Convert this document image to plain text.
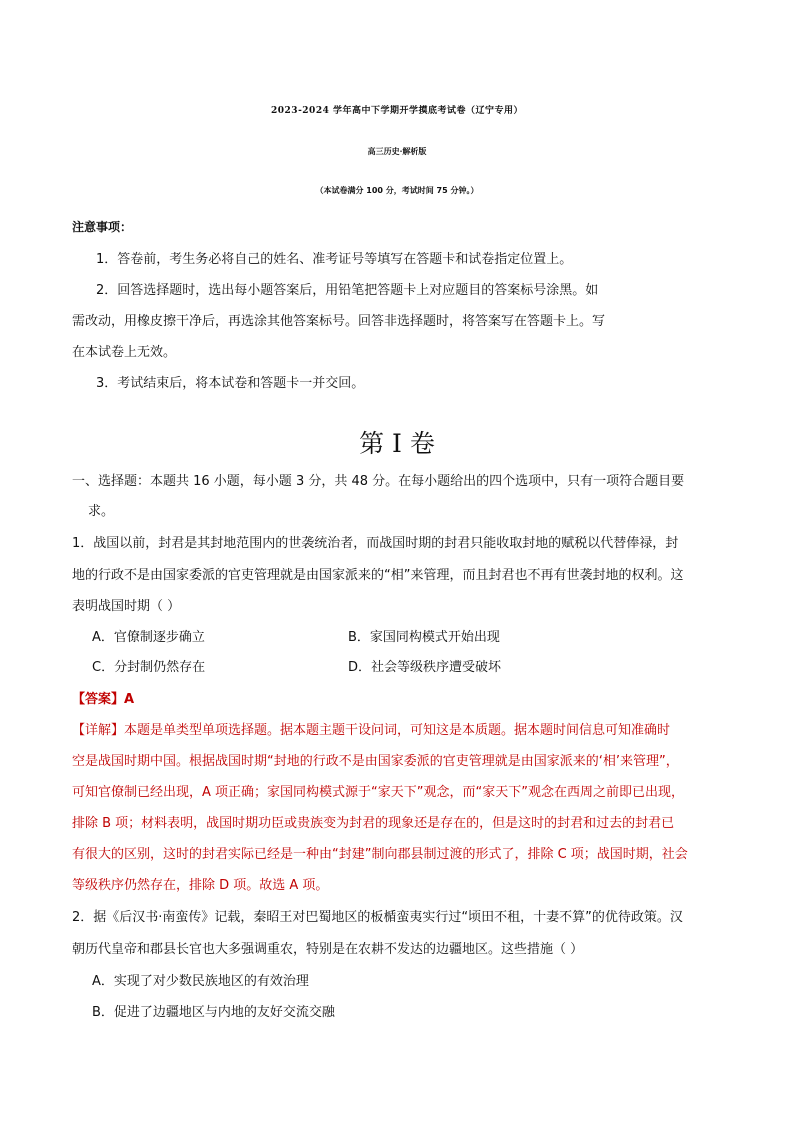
2023-2024 学年高中下学期开学摸底考试卷（辽宁专用）
高三历史·解析版
（本试卷满分 100 分，考试时间 75 分钟。）
注意事项：
1．答卷前，考生务必将自己的姓名、准考证号等填写在答题卡和试卷指定位置上。
2．回答选择题时，选出每小题答案后，用铅笔把答题卡上对应题目的答案标号涂黑。如
需改动，用橡皮擦干净后，再选涂其他答案标号。回答非选择题时，将答案写在答题卡上。写
在本试卷上无效。
3．考试结束后，将本试卷和答题卡一并交回。
第 I 卷
一、选择题：本题共 16 小题，每小题 3 分，共 48 分。在每小题给出的四个选项中，只有一项符合题目要
求。
1．战国以前，封君是其封地范围内的世袭统治者，而战国时期的封君只能收取封地的赋税以代替俸禄，封
地的行政不是由国家委派的官吏管理就是由国家派来的“相”来管理，而且封君也不再有世袭封地的权利。这
表明战国时期（ ）
A．官僚制逐步确立	B．家国同构模式开始出现
C．分封制仍然存在	D．社会等级秩序遭受破坏
【答案】A
【详解】本题是单类型单项选择题。据本题主题干设问词，可知这是本质题。据本题时间信息可知准确时
空是战国时期中国。根据战国时期“封地的行政不是由国家委派的官吏管理就是由国家派来的‘相’来管理”，
可知官僚制已经出现，A 项正确；家国同构模式源于“家天下”观念，而“家天下”观念在西周之前即已出现，
排除 B 项；材料表明，战国时期功臣或贵族变为封君的现象还是存在的，但是这时的封君和过去的封君已
有很大的区别，这时的封君实际已经是一种由“封建”制向郡县制过渡的形式了，排除 C 项；战国时期，社会
等级秩序仍然存在，排除 D 项。故选 A 项。
2．据《后汉书·南蛮传》记载，秦昭王对巴蜀地区的板楯蛮夷实行过“顷田不租，十妻不算”的优待政策。汉
朝历代皇帝和郡县长官也大多强调重农，特别是在农耕不发达的边疆地区。这些措施（ ）
A．实现了对少数民族地区的有效治理
B．促进了边疆地区与内地的友好交流交融
